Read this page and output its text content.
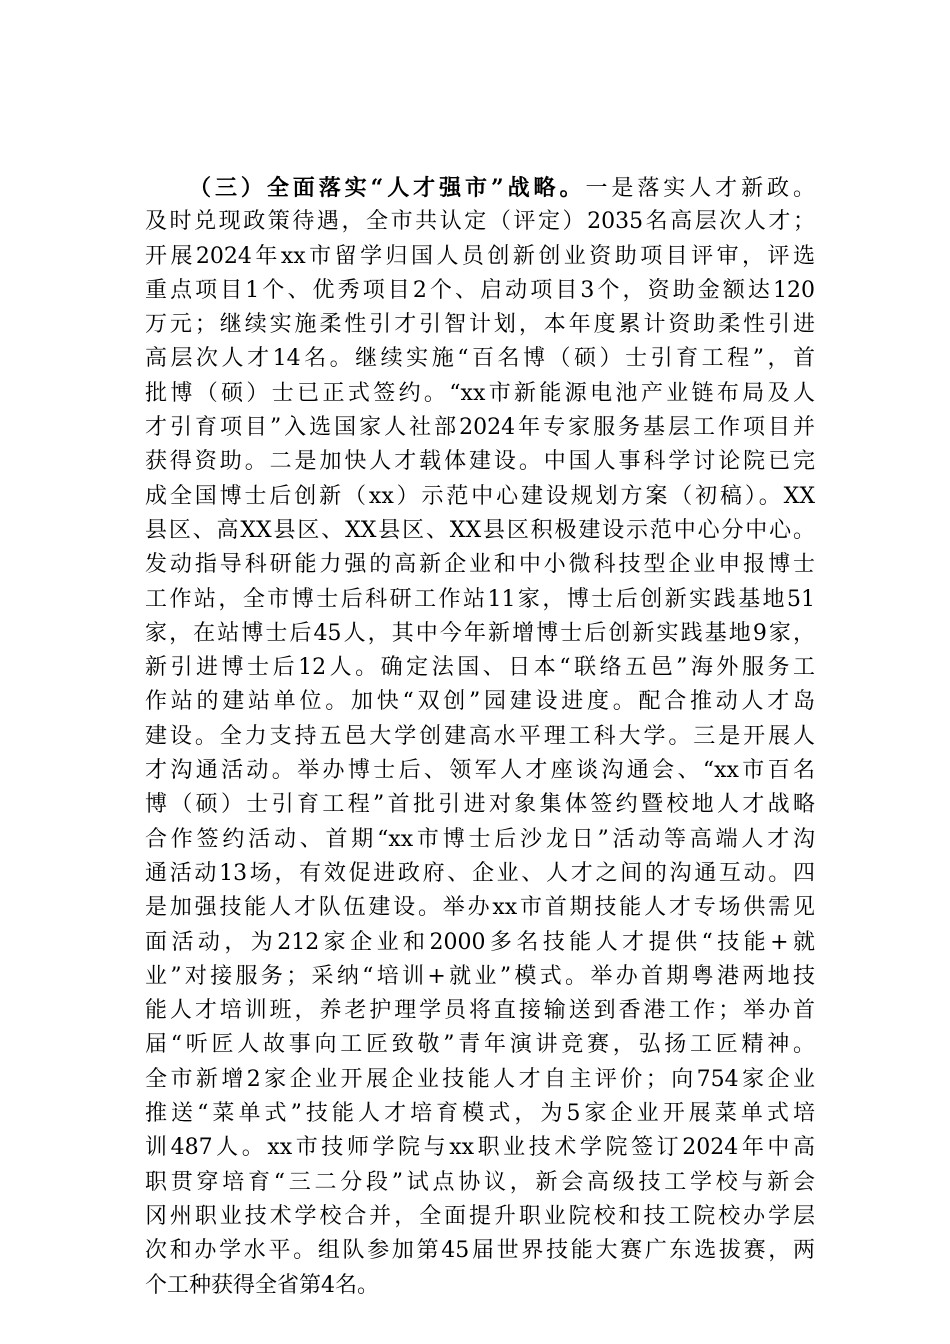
（三）全面落实“人才强市”战略。一是落实人才新政。
及时兑现政策待遇，全市共认定（评定）2035名高层次人才；
开展2024年xx市留学归国人员创新创业资助项目评审，评选
重点项目1个、优秀项目2个、启动项目3个，资助金额达120
万元；继续实施柔性引才引智计划，本年度累计资助柔性引进
高层次人才14名。继续实施“百名博（硕）士引育工程”，首
批博（硕）士已正式签约。“xx市新能源电池产业链布局及人
才引育项目”入选国家人社部2024年专家服务基层工作项目并
获得资助。二是加快人才载体建设。中国人事科学讨论院已完
成全国博士后创新（xx）示范中心建设规划方案（初稿）。XX
县区、高XX县区、XX县区、XX县区积极建设示范中心分中心。
发动指导科研能力强的高新企业和中小微科技型企业申报博士
工作站，全市博士后科研工作站11家，博士后创新实践基地51
家，在站博士后45人，其中今年新增博士后创新实践基地9家，
新引进博士后12人。确定法国、日本“联络五邑”海外服务工
作站的建站单位。加快“双创”园建设进度。配合推动人才岛
建设。全力支持五邑大学创建高水平理工科大学。三是开展人
才沟通活动。举办博士后、领军人才座谈沟通会、“xx市百名
博（硕）士引育工程”首批引进对象集体签约暨校地人才战略
合作签约活动、首期“xx市博士后沙龙日”活动等高端人才沟
通活动13场，有效促进政府、企业、人才之间的沟通互动。四
是加强技能人才队伍建设。举办xx市首期技能人才专场供需见
面活动，为212家企业和2000多名技能人才提供“技能+就
业”对接服务；采纳“培训+就业”模式。举办首期粤港两地技
能人才培训班，养老护理学员将直接输送到香港工作；举办首
届“听匠人故事向工匠致敬”青年演讲竞赛，弘扬工匠精神。
全市新增2家企业开展企业技能人才自主评价；向754家企业
推送“菜单式”技能人才培育模式，为5家企业开展菜单式培
训487人。xx市技师学院与xx职业技术学院签订2024年中高
职贯穿培育“三二分段”试点协议，新会高级技工学校与新会
冈州职业技术学校合并，全面提升职业院校和技工院校办学层
次和办学水平。组队参加第45届世界技能大赛广东选拔赛，两
个工种获得全省第4名。
